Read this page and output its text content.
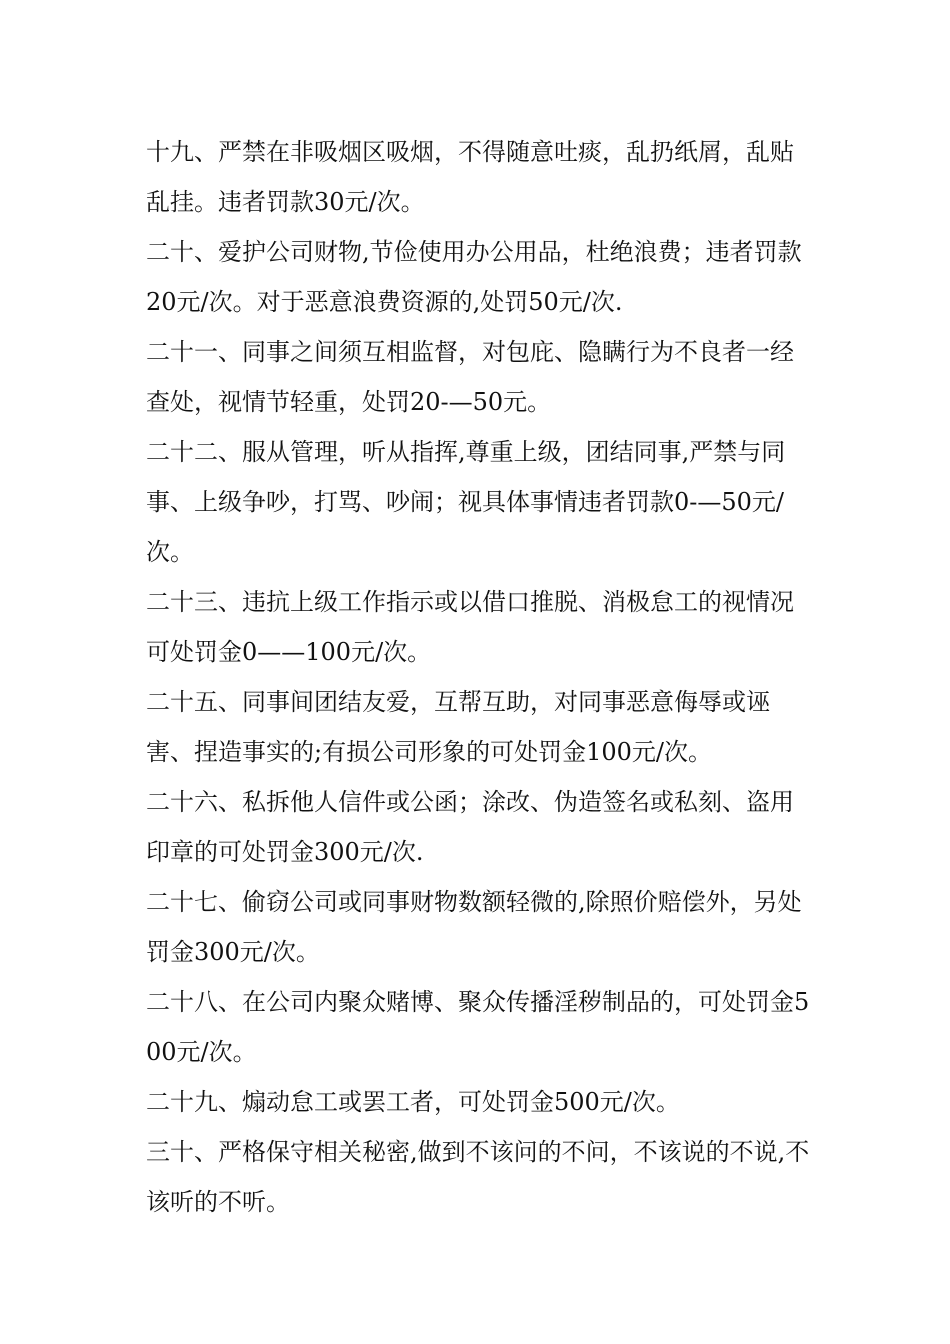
十九、严禁在非吸烟区吸烟，不得随意吐痰，乱扔纸屑，乱贴乱挂。违者罚款30元/次。

二十、爱护公司财物,节俭使用办公用品，杜绝浪费；违者罚款20元/次。对于恶意浪费资源的,处罚50元/次.

二十一、同事之间须互相监督，对包庇、隐瞒行为不良者一经查处，视情节轻重，处罚20-—50元。

二十二、服从管理，听从指挥,尊重上级，团结同事,严禁与同事、上级争吵，打骂、吵闹；视具体事情违者罚款0-—50元/次。

二十三、违抗上级工作指示或以借口推脱、消极怠工的视情况可处罚金0——100元/次。

二十五、同事间团结友爱，互帮互助，对同事恶意侮辱或诬害、捏造事实的;有损公司形象的可处罚金100元/次。

二十六、私拆他人信件或公函；涂改、伪造签名或私刻、盗用印章的可处罚金300元/次.

二十七、偷窃公司或同事财物数额轻微的,除照价赔偿外，另处罚金300元/次。

二十八、在公司内聚众赌博、聚众传播淫秽制品的，可处罚金500元/次。

二十九、煽动怠工或罢工者，可处罚金500元/次。

三十、严格保守相关秘密,做到不该问的不问，不该说的不说,不该听的不听。
